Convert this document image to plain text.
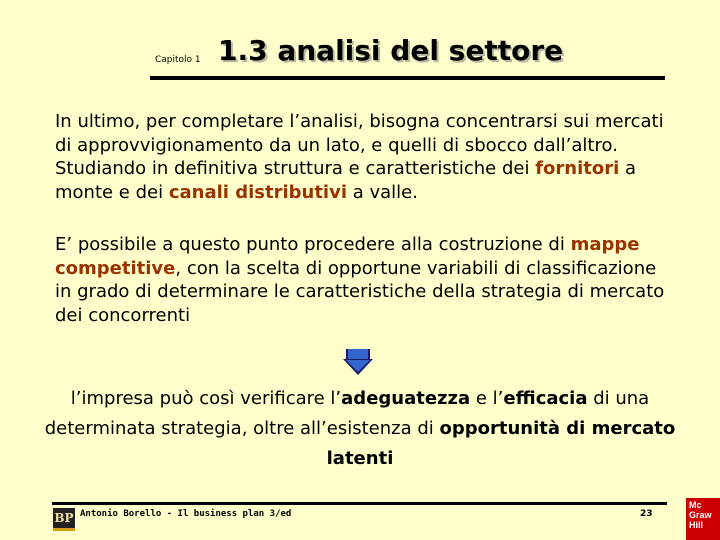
Capitolo 1 1.3 analisi del settore

In ultimo, per completare l’analisi, bisogna concentrarsi sui mercati di approvvigionamento da un lato, e quelli di sbocco dall’altro. Studiando in definitiva struttura e caratteristiche dei fornitori a monte e dei canali distributivi a valle.

E’ possibile a questo punto procedere alla costruzione di mappe competitive, con la scelta di opportune variabili di classificazione in grado di determinare le caratteristiche della strategia di mercato dei concorrenti

l’impresa può così verificare l’adeguatezza e l’efficacia di una determinata strategia, oltre all’esistenza di opportunità di mercato latenti

BP Antonio Borello - Il business plan 3/ed	23
Mc
Graw
Hill
